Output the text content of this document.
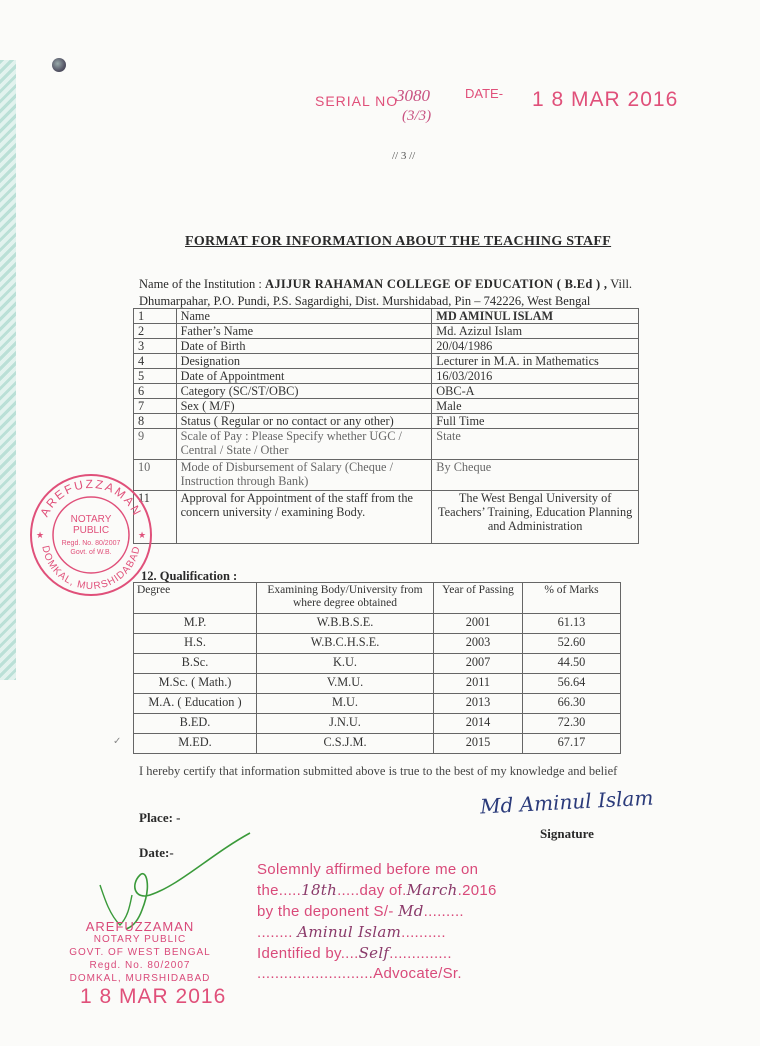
SERIAL NO
3080
(3/3)
DATE- 1 8 MAR 2016
// 3 //
FORMAT FOR INFORMATION ABOUT THE TEACHING STAFF
Name of the Institution : AJIJUR RAHAMAN COLLEGE OF EDUCATION ( B.Ed ) , Vill.
Dhumarpahar, P.O. Pundi, P.S. Sagardighi, Dist. Murshidabad, Pin – 742226, West Bengal
1	Name	MD AMINUL ISLAM
2	Father’s Name	Md. Azizul Islam
3	Date of Birth	20/04/1986
4	Designation	Lecturer in M.A. in Mathematics
5	Date of Appointment	16/03/2016
6	Category (SC/ST/OBC)	OBC-A
7	Sex ( M/F)	Male
8	Status ( Regular or no contact or any other)	Full Time
9	Scale of Pay : Please Specify whether UGC / Central / State / Other	State
10	Mode of Disbursement of Salary (Cheque / Instruction through Bank)	By Cheque
11	Approval for Appointment of the staff from the concern university / examining Body.	The West Bengal University of Teachers’ Training, Education Planning and Administration
12. Qualification :
Degree	Examining Body/University from where degree obtained	Year of Passing	% of Marks
M.P.	W.B.B.S.E.	2001	61.13
H.S.	W.B.C.H.S.E.	2003	52.60
B.Sc.	K.U.	2007	44.50
M.Sc. ( Math.)	V.M.U.	2011	56.64
M.A. ( Education )	M.U.	2013	66.30
B.ED.	J.N.U.	2014	72.30
M.ED.	C.S.J.M.	2015	67.17
✓
I hereby certify that information submitted above is true to the best of my knowledge and belief
Md Aminul Islam
Signature
Place: -
Date:-
Solemnly affirmed before me on
the.....18th.....day of.March.2016
by the deponent S/- Md.........
........ Aminul Islam..........
Identified by....Self..............
..........................Advocate/Sr.
AREFUZZAMAN
DOMKAL, MURSHIDABAD
NOTARY
PUBLIC
Regd. No. 80/2007
Govt. of W.B.
★	★
AREFUZZAMAN
NOTARY PUBLIC
GOVT. OF WEST BENGAL
Regd. No. 80/2007
DOMKAL, MURSHIDABAD
1 8 MAR 2016
